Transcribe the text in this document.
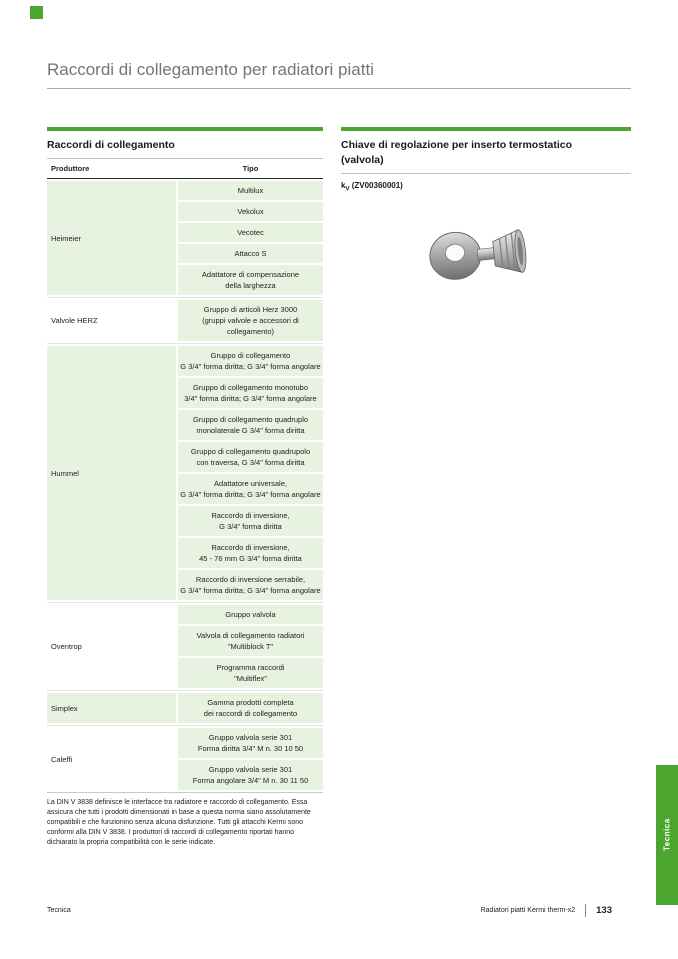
Raccordi di collegamento per radiatori piatti
Raccordi di collegamento
Produttore	Tipo
Heimeier
Multilux
Vekolux
Vecotec
Attacco S
Adattatore di compensazione
della larghezza
Valvole HERZ
Gruppo di articoli Herz 3000
(gruppi valvole e accessori di collegamento)
Hummel
Gruppo di collegamento
G 3/4" forma diritta; G 3/4" forma angolare
Gruppo di collegamento monotubo
3/4" forma diritta; G 3/4" forma angolare
Gruppo di collegamento quadruplo
monolaterale G 3/4" forma diritta
Gruppo di collegamento quadrupolo
con traversa, G 3/4" forma diritta
Adattatore universale,
G 3/4" forma diritta; G 3/4" forma angolare
Raccordo di inversione,
G 3/4" forma diritta
Raccordo di inversione,
45 - 76 mm G 3/4" forma diritta
Raccordo di inversione serrabile,
G 3/4" forma diritta; G 3/4" forma angolare
Oventrop
Gruppo valvola
Valvola di collegamento radiatori
"Multiblock T"
Programma raccordi
"Multiflex"
Simplex
Gamma prodotti completa
dei raccordi di collegamento
Caleffi
Gruppo valvola serie 301
Forma diritta 3/4" M n. 30 10 50
Gruppo valvola serie 301
Forma angolare 3/4" M n. 30 11 50

La DIN V 3838 definisce le interfacce tra radiatore e raccordo di collegamento. Essa assicura che tutti i prodotti dimensionati in base a questa norma siano assolutamente compatibili e che funzionino senza alcuna disfunzione. Tutti gli attacchi Kermi sono conformi alla DIN V 3838. I produttori di raccordi di collegamento riportati hanno dichiarato la propria compatibilità con le serie indicate.

Chiave di regolazione per inserto termostatico
(valvola)
$k_V$ (ZV00360001)
Tecnica
Tecnica	Radiatori piatti Kermi therm-x2 133
